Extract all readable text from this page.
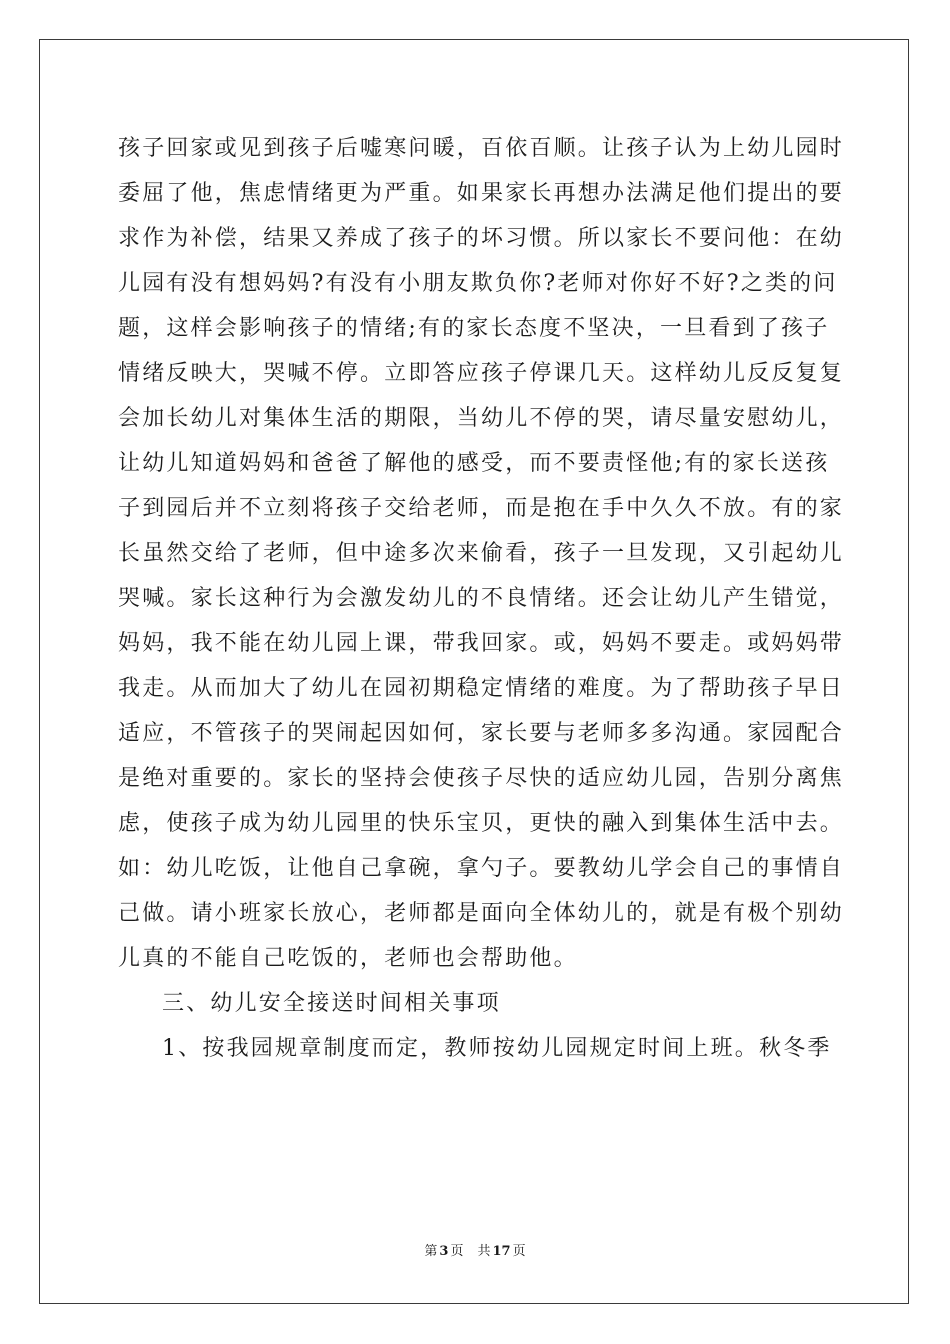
孩子回家或见到孩子后嘘寒问暖，百依百顺。让孩子认为上幼儿园时
委屈了他，焦虑情绪更为严重。如果家长再想办法满足他们提出的要
求作为补偿，结果又养成了孩子的坏习惯。所以家长不要问他：在幼
儿园有没有想妈妈?有没有小朋友欺负你?老师对你好不好?之类的问
题，这样会影响孩子的情绪;有的家长态度不坚决，一旦看到了孩子
情绪反映大，哭喊不停。立即答应孩子停课几天。这样幼儿反反复复
会加长幼儿对集体生活的期限，当幼儿不停的哭，请尽量安慰幼儿，
让幼儿知道妈妈和爸爸了解他的感受，而不要责怪他;有的家长送孩
子到园后并不立刻将孩子交给老师，而是抱在手中久久不放。有的家
长虽然交给了老师，但中途多次来偷看，孩子一旦发现，又引起幼儿
哭喊。家长这种行为会激发幼儿的不良情绪。还会让幼儿产生错觉，
妈妈，我不能在幼儿园上课，带我回家。或，妈妈不要走。或妈妈带
我走。从而加大了幼儿在园初期稳定情绪的难度。为了帮助孩子早日
适应，不管孩子的哭闹起因如何，家长要与老师多多沟通。家园配合
是绝对重要的。家长的坚持会使孩子尽快的适应幼儿园，告别分离焦
虑，使孩子成为幼儿园里的快乐宝贝，更快的融入到集体生活中去。
如：幼儿吃饭，让他自己拿碗，拿勺子。要教幼儿学会自己的事情自
己做。请小班家长放心，老师都是面向全体幼儿的，就是有极个别幼
儿真的不能自己吃饭的，老师也会帮助他。
三、幼儿安全接送时间相关事项
1、按我园规章制度而定，教师按幼儿园规定时间上班。秋冬季
第 3 页 共 17 页
